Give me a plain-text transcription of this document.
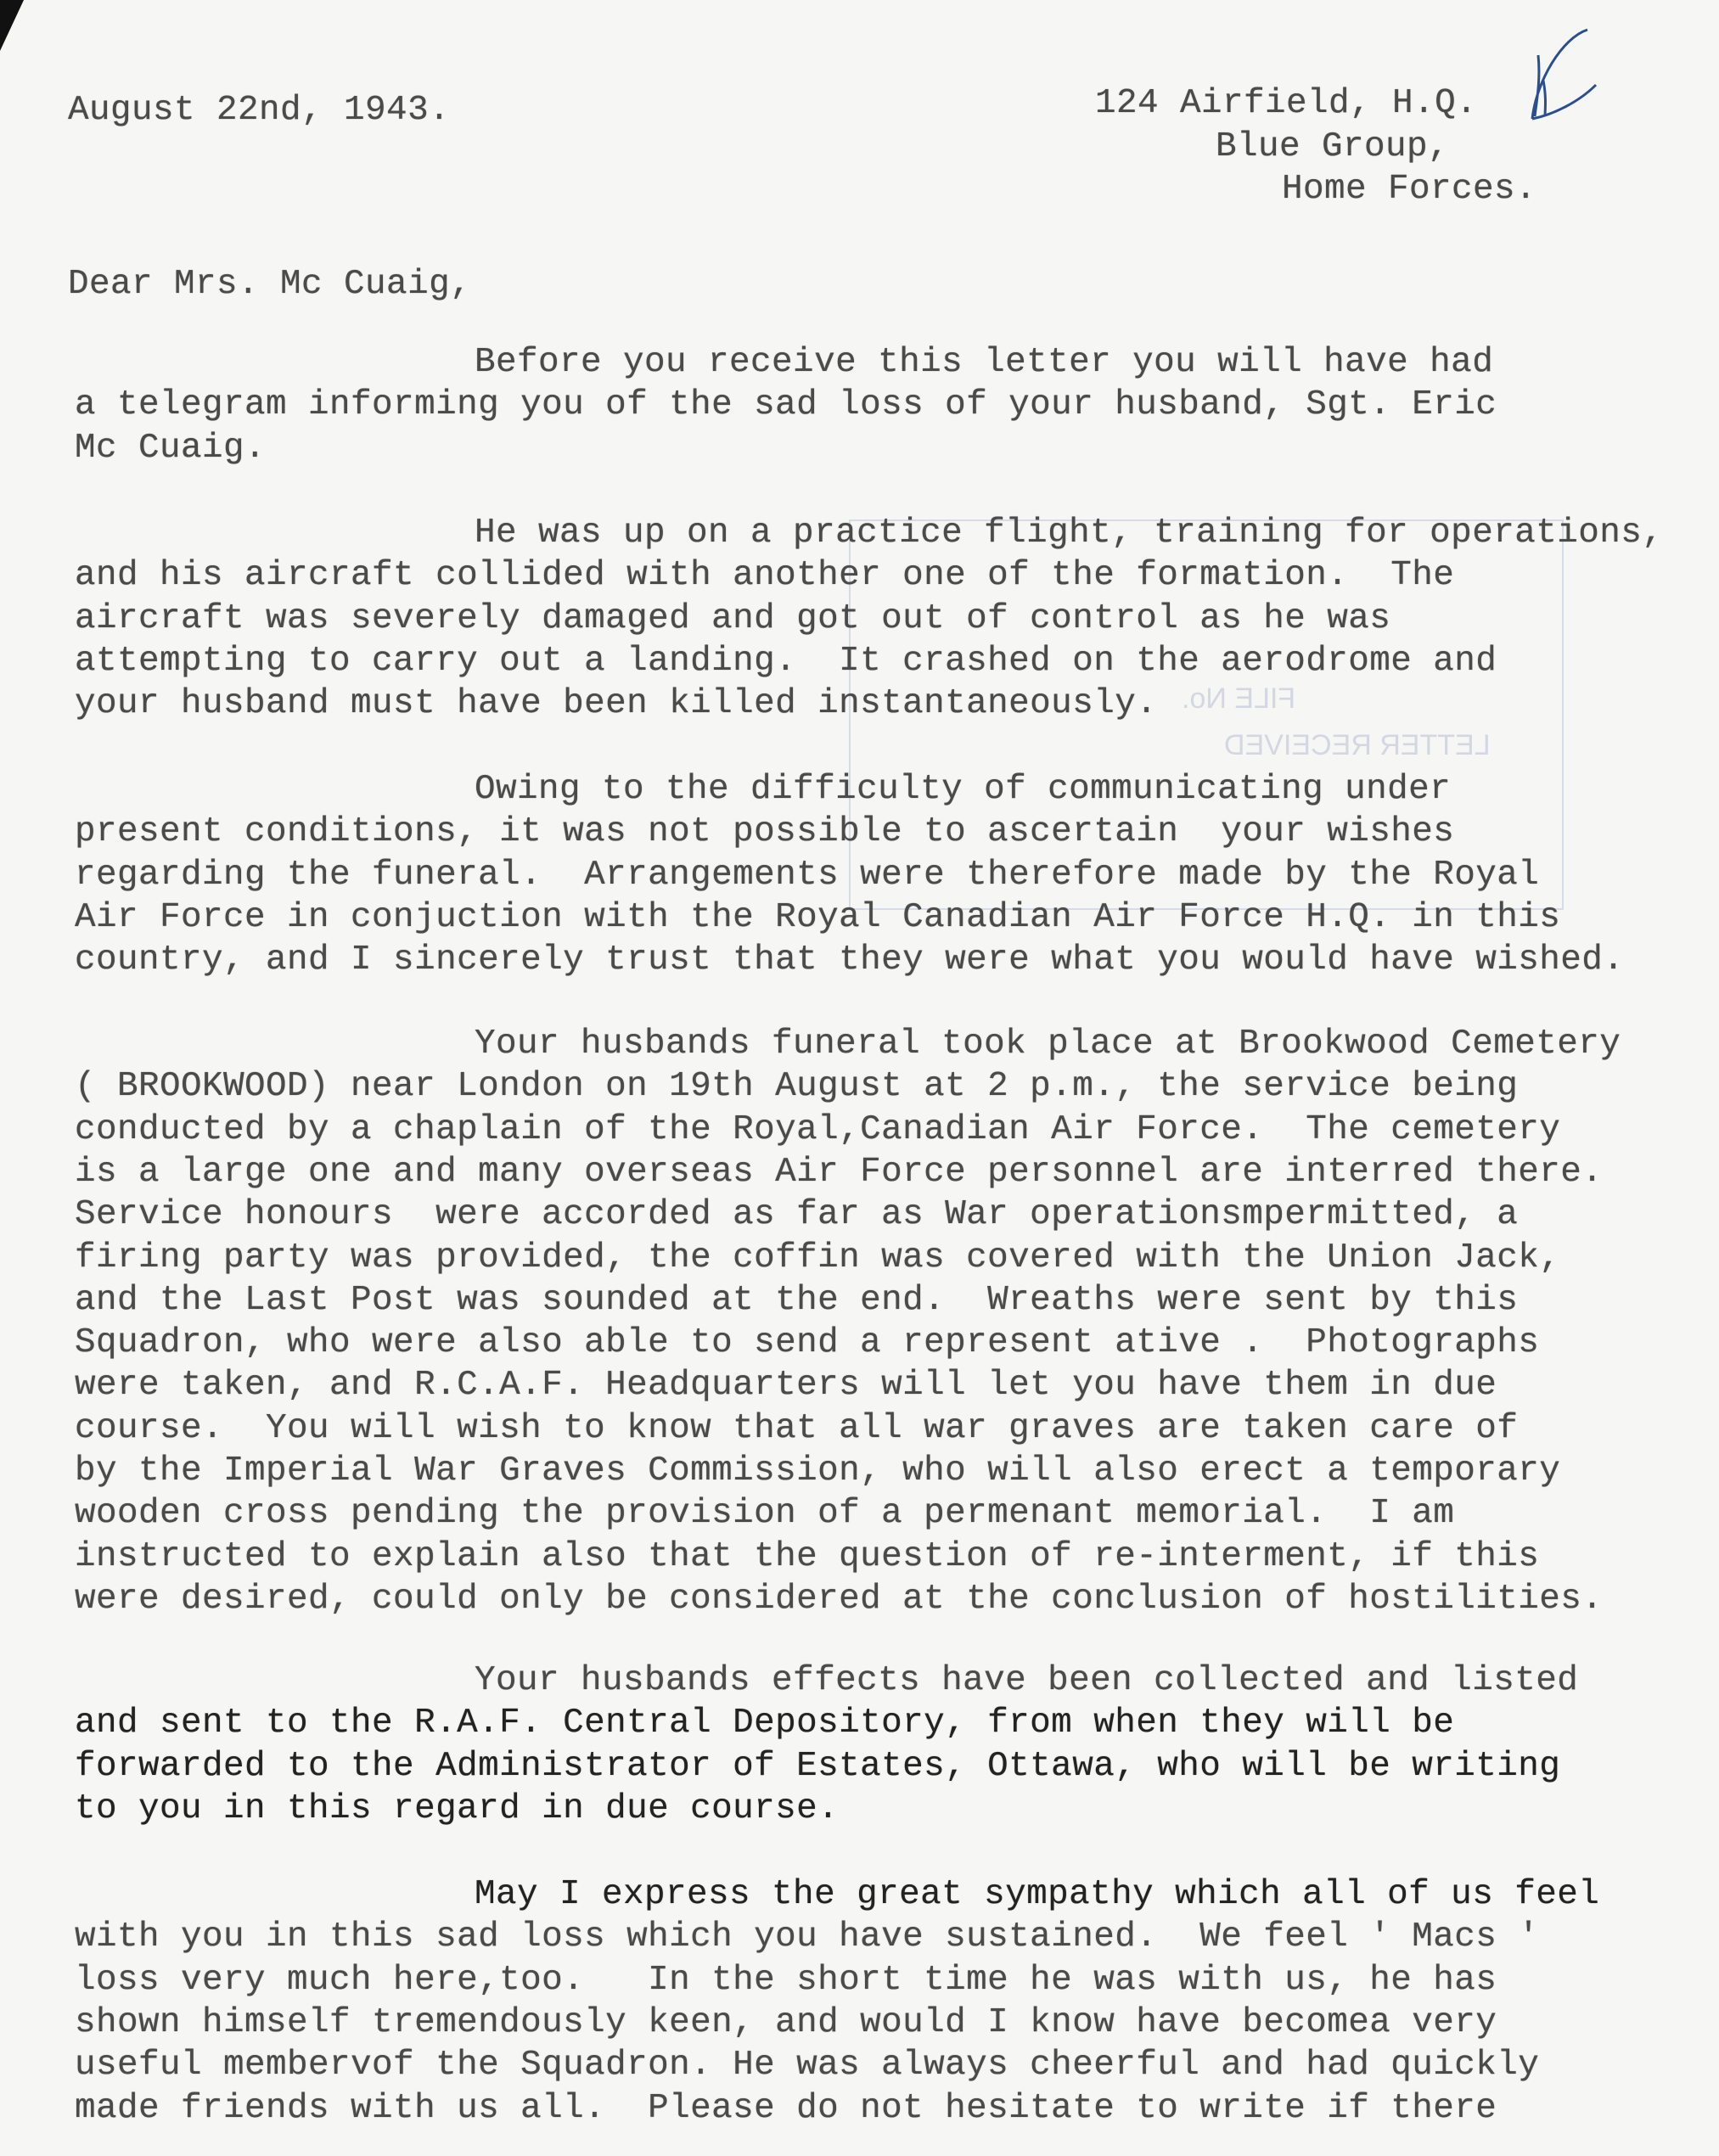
FILE No.
LETTER RECEIVED
August 22nd, 1943.	124 Airfield, H.Q.
Blue Group,
Home Forces.
Dear Mrs. Mc Cuaig,
Before you receive this letter you will have had
a telegram informing you of the sad loss of your husband, Sgt. Eric
Mc Cuaig.
He was up on a practice flight, training for operations,
and his aircraft collided with another one of the formation.  The
aircraft was severely damaged and got out of control as he was
attempting to carry out a landing.  It crashed on the aerodrome and
your husband must have been killed instantaneously.
Owing to the difficulty of communicating under
present conditions, it was not possible to ascertain  your wishes
regarding the funeral.  Arrangements were therefore made by the Royal
Air Force in conjuction with the Royal Canadian Air Force H.Q. in this
country, and I sincerely trust that they were what you would have wished.
Your husbands funeral took place at Brookwood Cemetery
( BROOKWOOD) near London on 19th August at 2 p.m., the service being
conducted by a chaplain of the Royal,Canadian Air Force.  The cemetery
is a large one and many overseas Air Force personnel are interred there.
Service honours  were accorded as far as War operationsmpermitted, a
firing party was provided, the coffin was covered with the Union Jack,
and the Last Post was sounded at the end.  Wreaths were sent by this
Squadron, who were also able to send a represent ative .  Photographs
were taken, and R.C.A.F. Headquarters will let you have them in due
course.  You will wish to know that all war graves are taken care of
by the Imperial War Graves Commission, who will also erect a temporary
wooden cross pending the provision of a permenant memorial.  I am
instructed to explain also that the question of re-interment, if this
were desired, could only be considered at the conclusion of hostilities.
Your husbands effects have been collected and listed
and sent to the R.A.F. Central Depository, from when they will be
forwarded to the Administrator of Estates, Ottawa, who will be writing
to you in this regard in due course.
May I express the great sympathy which all of us feel
with you in this sad loss which you have sustained.  We feel ' Macs '
loss very much here,too.   In the short time he was with us, he has
shown himself tremendously keen, and would I know have becomea very
useful membervof the Squadron. He was always cheerful and had quickly
made friends with us all.  Please do not hesitate to write if there
